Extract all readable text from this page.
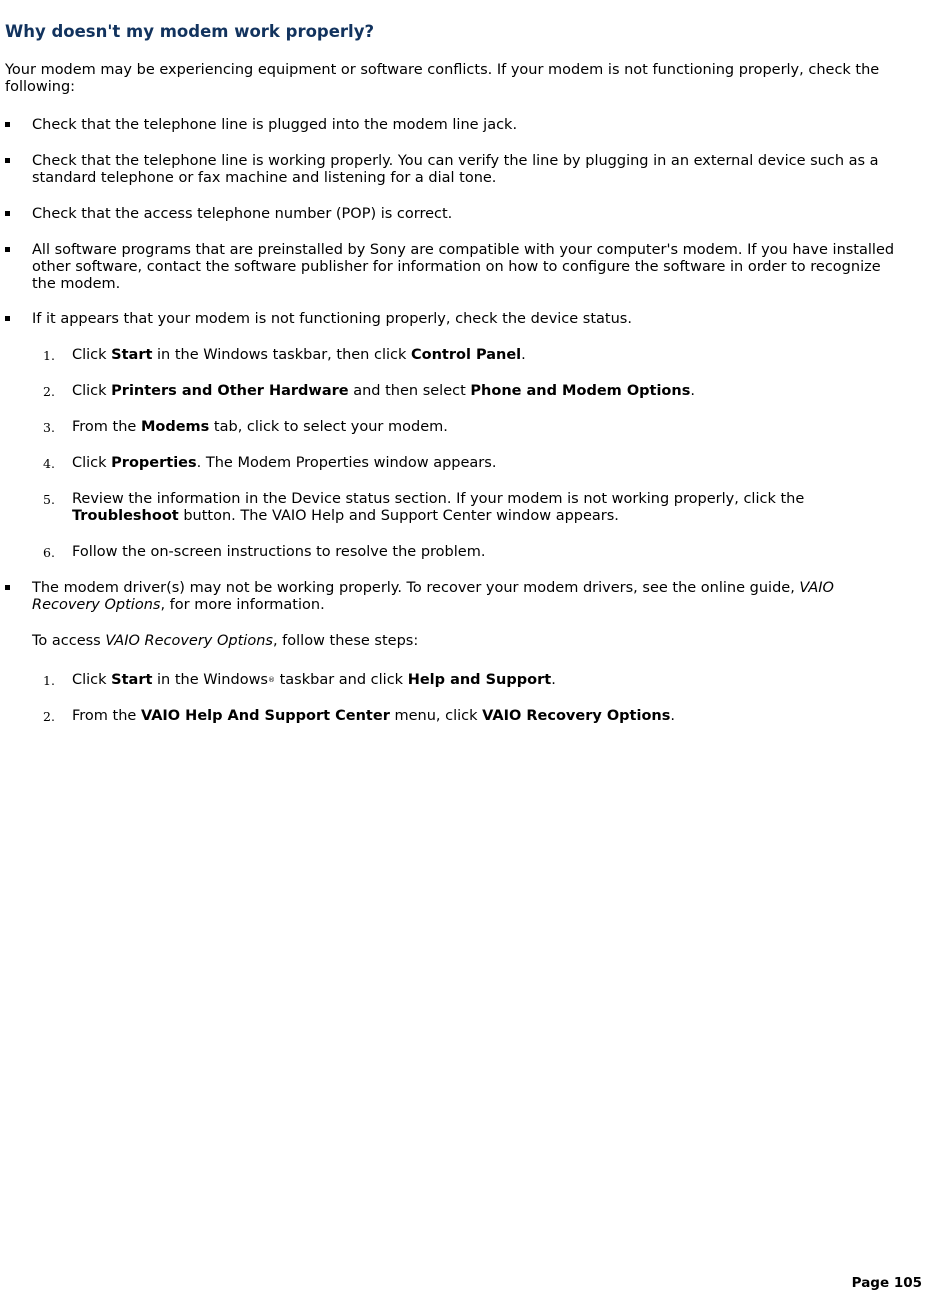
Why doesn't my modem work properly?

Your modem may be experiencing equipment or software conflicts. If your modem is not functioning properly, check the following:

Check that the telephone line is plugged into the modem line jack.
Check that the telephone line is working properly. You can verify the line by plugging in an external device such as a standard telephone or fax machine and listening for a dial tone.
Check that the access telephone number (POP) is correct.
All software programs that are preinstalled by Sony are compatible with your computer's modem. If you have installed other software, contact the software publisher for information on how to configure the software in order to recognize the modem.
If it appears that your modem is not functioning properly, check the device status.
1. Click Start in the Windows taskbar, then click Control Panel.
2. Click Printers and Other Hardware and then select Phone and Modem Options.
3. From the Modems tab, click to select your modem.
4. Click Properties. The Modem Properties window appears.
5. Review the information in the Device status section. If your modem is not working properly, click the Troubleshoot button. The VAIO Help and Support Center window appears.
6. Follow the on-screen instructions to resolve the problem.
The modem driver(s) may not be working properly. To recover your modem drivers, see the online guide, VAIO Recovery Options, for more information.
To access VAIO Recovery Options, follow these steps:
1. Click Start in the Windows® taskbar and click Help and Support.
2. From the VAIO Help And Support Center menu, click VAIO Recovery Options.
Page 105
